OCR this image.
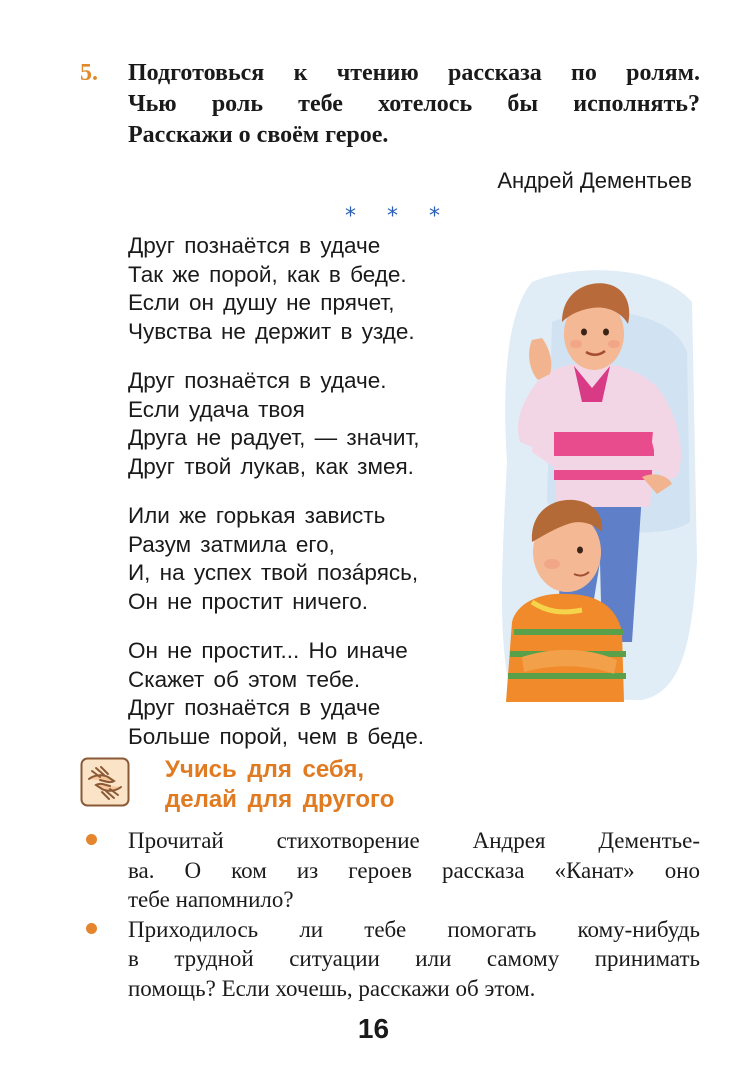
5. Подготовься к чтению рассказа по ролям.
Чью роль тебе хотелось бы исполнять?
Расскажи о своём герое.
Андрей Дементьев
* * *
Друг познаётся в удаче
Так же порой, как в беде.
Если он душу не прячет,
Чувства не держит в узде.
Друг познаётся в удаче.
Если удача твоя
Друга не радует, — значит,
Друг твой лукав, как змея.
Или же горькая зависть
Разум затмила его,
И, на успех твой позáрясь,
Он не простит ничего.
Он не простит... Но иначе
Скажет об этом тебе.
Друг познаётся в удаче
Больше порой, чем в беде.
Учись для себя,
делай для другого
Прочитай стихотворение Андрея Дементье-
ва. О ком из героев рассказа «Канат» оно
тебе напомнило?
Приходилось ли тебе помогать кому-нибудь
в трудной ситуации или самому принимать
помощь? Если хочешь, расскажи об этом.
16
